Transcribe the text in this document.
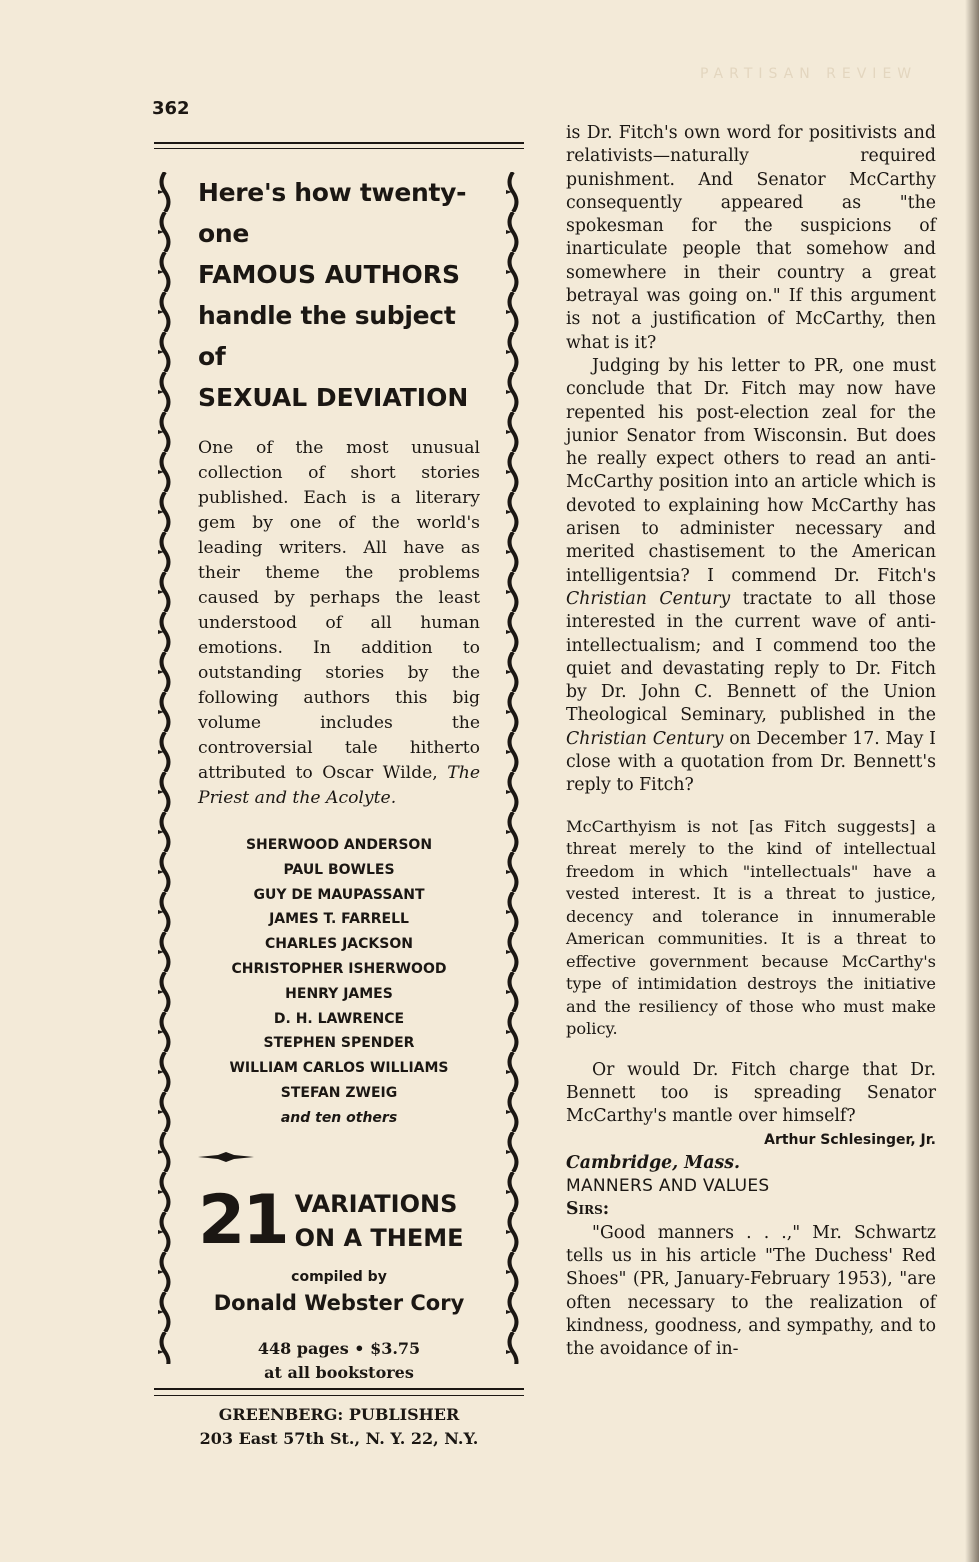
PARTISAN REVIEW
362

Here's how twenty-one

FAMOUS AUTHORS

handle the subject of

SEXUAL DEVIATION

One of the most unusual collection of short stories published. Each is a literary gem by one of the world's leading writers. All have as their theme the problems caused by perhaps the least understood of all human emotions. In addition to outstanding stories by the following authors this big volume includes the controversial tale hitherto attributed to Oscar Wilde, The Priest and the Acolyte.
SHERWOOD ANDERSON
PAUL BOWLES
GUY DE MAUPASSANT
JAMES T. FARRELL
CHARLES JACKSON
CHRISTOPHER ISHERWOOD
HENRY JAMES
D. H. LAWRENCE
STEPHEN SPENDER
WILLIAM CARLOS WILLIAMS
STEFAN ZWEIG
and ten others
21 VARIATIONS
ON A THEME
compiled by
Donald Webster Cory
448 pages • $3.75
at all bookstores
GREENBERG: PUBLISHER
203 East 57th St., N. Y. 22, N.Y.

is Dr. Fitch's own word for positivists and relativists—naturally required punishment. And Senator McCarthy consequently appeared as "the spokesman for the suspicions of inarticulate people that somehow and somewhere in their country a great betrayal was going on." If this argument is not a justification of McCarthy, then what is it?

Judging by his letter to PR, one must conclude that Dr. Fitch may now have repented his post-election zeal for the junior Senator from Wisconsin. But does he really expect others to read an anti-McCarthy position into an article which is devoted to explaining how McCarthy has arisen to administer necessary and merited chastisement to the American intelligentsia? I commend Dr. Fitch's Christian Century tractate to all those interested in the current wave of anti-intellectualism; and I commend too the quiet and devastating reply to Dr. Fitch by Dr. John C. Bennett of the Union Theological Seminary, published in the Christian Century on December 17. May I close with a quotation from Dr. Bennett's reply to Fitch?

McCarthyism is not [as Fitch suggests] a threat merely to the kind of intellectual freedom in which "intellectuals" have a vested interest. It is a threat to justice, decency and tolerance in innumerable American communities. It is a threat to effective government because McCarthy's type of intimidation destroys the initiative and the resiliency of those who must make policy.

Or would Dr. Fitch charge that Dr. Bennett too is spreading Senator McCarthy's mantle over himself?

Arthur Schlesinger, Jr.

Cambridge, Mass.

MANNERS AND VALUES

Sirs:

"Good manners . . .," Mr. Schwartz tells us in his article "The Duchess' Red Shoes" (PR, January-February 1953), "are often necessary to the realization of kindness, goodness, and sympathy, and to the avoidance of in-
